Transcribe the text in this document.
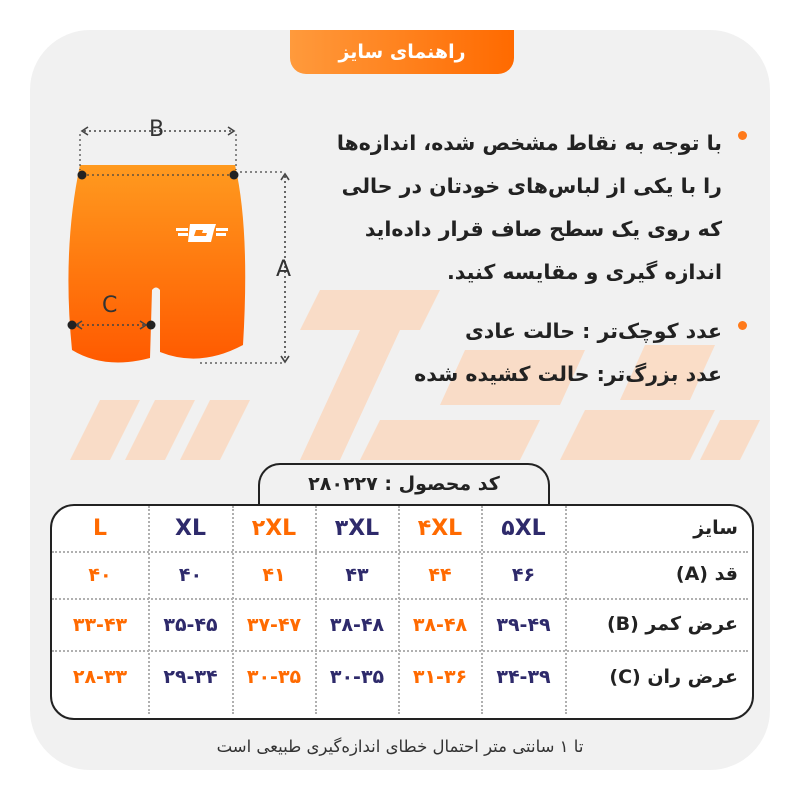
راهنمای سایز
B
A
C
با توجه به نقاط مشخص شده، اندازه‌ها
را با یکی از لباس‌های خودتان در حالی
که روی یک سطح صاف قرار داده‌اید
اندازه گیری و مقایسه کنید.
عدد کوچک‌تر : حالت عادی
عدد بزرگ‌تر: حالت کشیده شده
کد محصول : ۲۸۰۲۲۷
سایز
۵XL
۴XL
۳XL
۲XL
XL
L
قد (A)
۴۶
۴۴
۴۳
۴۱
۴۰
۴۰
عرض کمر (B)
۳۹-۴۹
۳۸-۴۸
۳۸-۴۸
۳۷-۴۷
۳۵-۴۵
۳۳-۴۳
عرض ران (C)
۳۴-۳۹
۳۱-۳۶
۳۰-۳۵
۳۰-۳۵
۲۹-۳۴
۲۸-۳۳
تا ۱ سانتی متر احتمال خطای اندازه‌گیری طبیعی است
